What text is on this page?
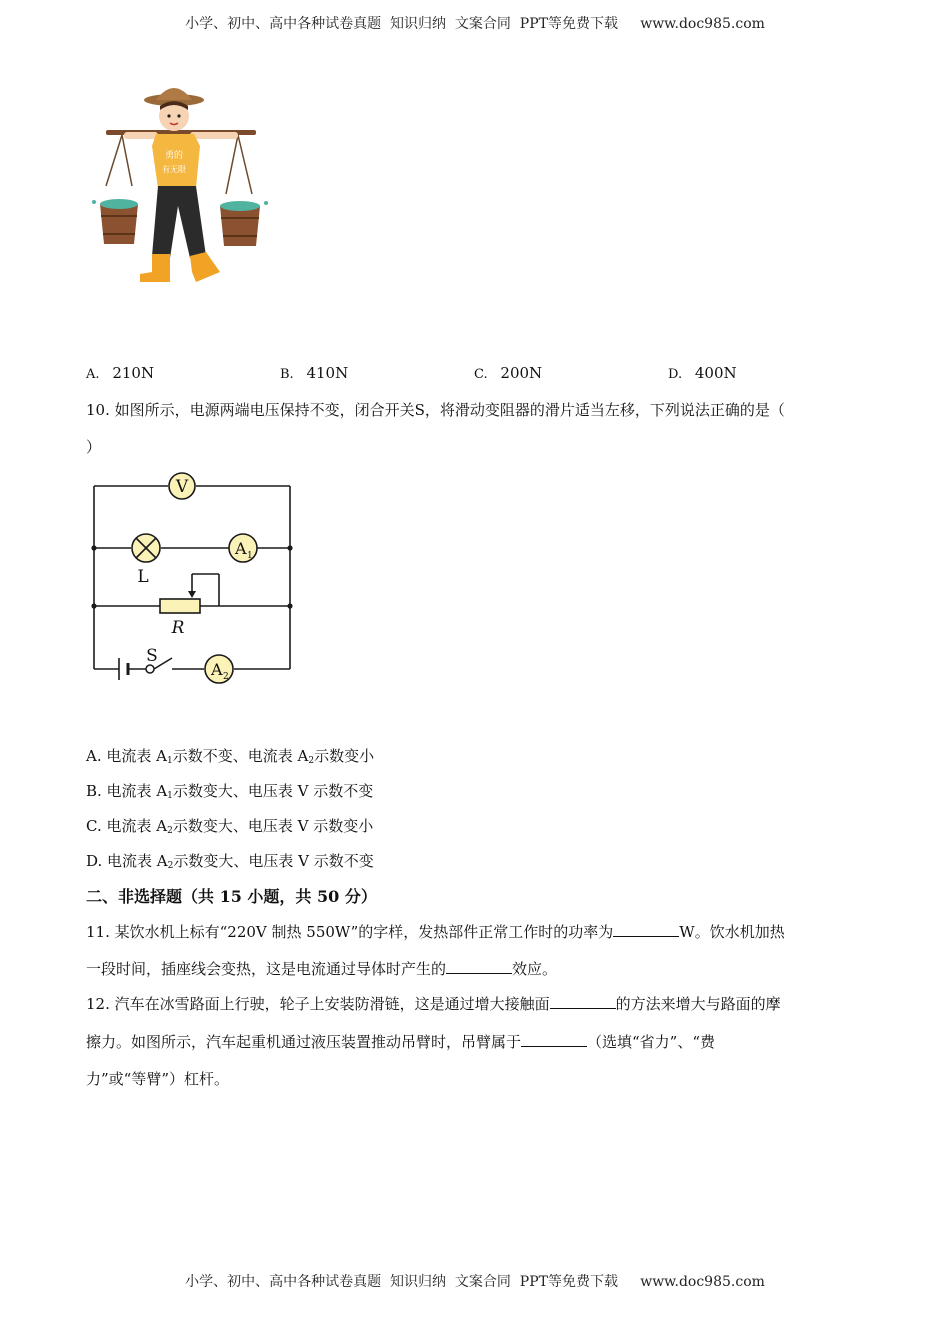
小学、初中、高中各种试卷真题  知识归纳  文案合同  PPT等免费下载     www.doc985.com
勇的
有无限
A. 210N	B. 410N	C. 200N	D. 400N
10. 如图所示，电源两端电压保持不变，闭合开关S，将滑动变阻器的滑片适当左移，下列说法正确的是（
）
V
L
A 1
R
S
A 2
A. 电流表 $A_1$示数不变、电流表 $A_2$示数变小
B. 电流表 $A_1$示数变大、电压表 V 示数不变
C. 电流表 $A_2$示数变大、电压表 V 示数变小
D. 电流表 $A_2$示数变大、电压表 V 示数不变
二、非选择题（共 15 小题，共 50 分）
11. 某饮水机上标有“220V 制热 550W”的字样，发热部件正常工作时的功率为	W。饮水机加热
一段时间，插座线会变热，这是电流通过导体时产生的	效应。
12. 汽车在冰雪路面上行驶，轮子上安装防滑链，这是通过增大接触面	的方法来增大与路面的摩
擦力。如图所示，汽车起重机通过液压装置推动吊臂时，吊臂属于	（选填“省力”、“费
力”或“等臂”）杠杆。
小学、初中、高中各种试卷真题  知识归纳  文案合同  PPT等免费下载     www.doc985.com
